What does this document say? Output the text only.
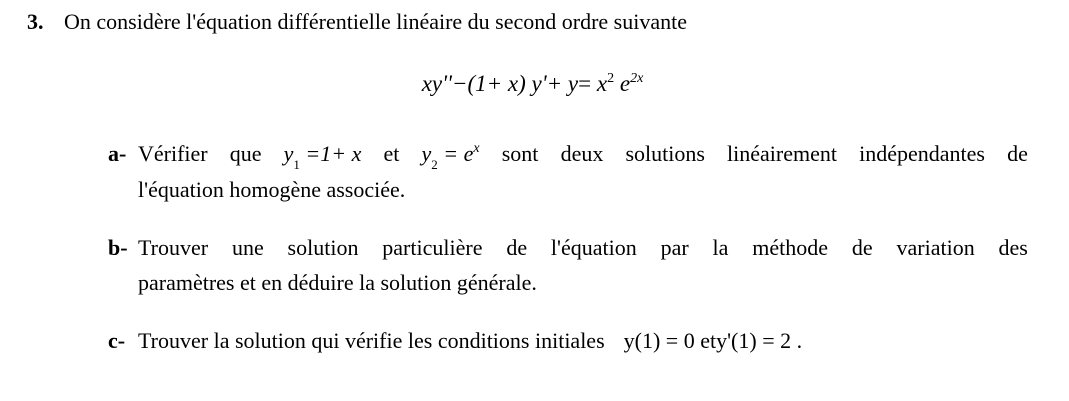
3. On considère l'équation différentielle linéaire du second ordre suivante
xy''−(1+ x) $y'+ y= x^2$ $e^{2x}$
a- Vérifier que $y_1 =1+ x$ et $y_2 = e^x$ sont deux solutions linéairement indépendantes de
l'équation homogène associée.
b- Trouver une solution particulière de l'équation par la méthode de variation des
paramètres et en déduire la solution générale.
c- Trouver la solution qui vérifie les conditions initiales y(1) = 0 ety'(1) = 2 .
